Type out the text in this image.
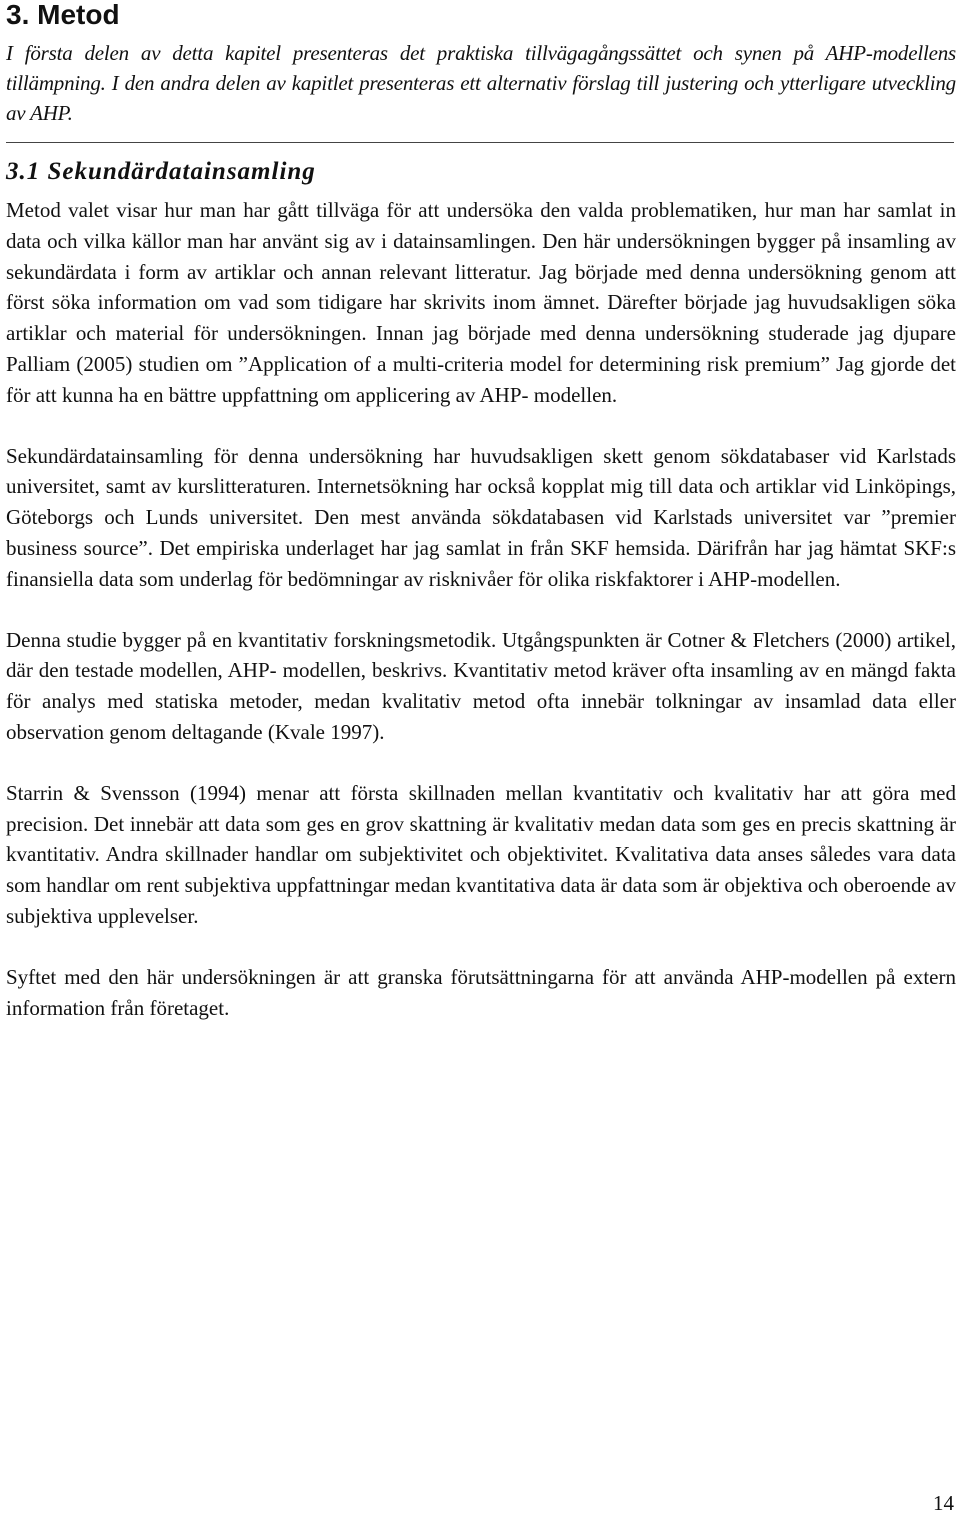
3. Metod

I första delen av detta kapitel presenteras det praktiska tillvägagångssättet och synen på AHP-modellens tillämpning. I den andra delen av kapitlet presenteras ett alternativ förslag till justering och ytterligare utveckling av AHP.

3.1 Sekundärdatainsamling

Metod valet visar hur man har gått tillväga för att undersöka den valda problematiken, hur man har samlat in data och vilka källor man har använt sig av i datainsamlingen. Den här undersökningen bygger på insamling av sekundärdata i form av artiklar och annan relevant litteratur. Jag började med denna undersökning genom att först söka information om vad som tidigare har skrivits inom ämnet. Därefter började jag huvudsakligen söka artiklar och material för undersökningen. Innan jag började med denna undersökning studerade jag djupare Palliam (2005) studien om ”Application of a multi-criteria model for determining risk premium” Jag gjorde det för att kunna ha en bättre uppfattning om applicering av AHP- modellen.

Sekundärdatainsamling för denna undersökning har huvudsakligen skett genom sökdatabaser vid Karlstads universitet, samt av kurslitteraturen. Internetsökning har också kopplat mig till data och artiklar vid Linköpings, Göteborgs och Lunds universitet. Den mest använda sökdatabasen vid Karlstads universitet var ”premier business source”. Det empiriska underlaget har jag samlat in från SKF hemsida. Därifrån har jag hämtat SKF:s finansiella data som underlag för bedömningar av risknivåer för olika riskfaktorer i AHP-modellen.

Denna studie bygger på en kvantitativ forskningsmetodik. Utgångspunkten är Cotner & Fletchers (2000) artikel, där den testade modellen, AHP- modellen, beskrivs. Kvantitativ metod kräver ofta insamling av en mängd fakta för analys med statiska metoder, medan kvalitativ metod ofta innebär tolkningar av insamlad data eller observation genom deltagande (Kvale 1997).

Starrin & Svensson (1994) menar att första skillnaden mellan kvantitativ och kvalitativ har att göra med precision. Det innebär att data som ges en grov skattning är kvalitativ medan data som ges en precis skattning är kvantitativ. Andra skillnader handlar om subjektivitet och objektivitet. Kvalitativa data anses således vara data som handlar om rent subjektiva uppfattningar medan kvantitativa data är data som är objektiva och oberoende av subjektiva upplevelser.

Syftet med den här undersökningen är att granska förutsättningarna för att använda AHP-modellen på extern information från företaget.

14
